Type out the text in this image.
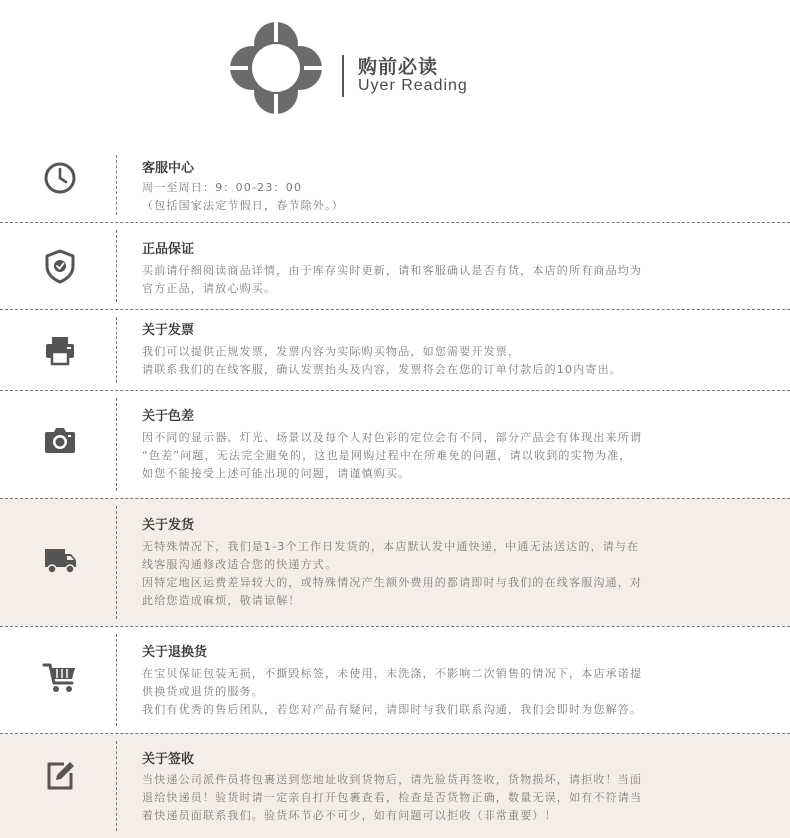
购前必读
Uyer Reading
客服中心
周一至周日：9：00-23：00
（包括国家法定节假日，春节除外。）
正品保证
买前请仔细阅读商品详情，由于库存实时更新，请和客服确认是否有货，本店的所有商品均为
官方正品，请放心购买。
关于发票
我们可以提供正规发票，发票内容为实际购买物品，如您需要开发票，
请联系我们的在线客服，确认发票抬头及内容，发票将会在您的订单付款后的10内寄出。
关于色差
因不同的显示器、灯光、场景以及每个人对色彩的定位会有不同，部分产品会有体现出来所谓
“色差”问题，无法完全避免的，这也是网购过程中在所难免的问题，请以收到的实物为准，
如您不能接受上述可能出现的问题，请谨慎购买。
关于发货
无特殊情况下，我们是1-3个工作日发货的，本店默认发中通快递，中通无法送达的，请与在
线客服沟通修改适合您的快递方式。
因特定地区运费差异较大的，或特殊情况产生额外费用的都请即时与我们的在线客服沟通，对
此给您造成麻烦，敬请谅解！
关于退换货
在宝贝保证包装无损，不撕毁标签，未使用，未洗涤，不影响二次销售的情况下，本店承诺提
供换货或退货的服务。
我们有优秀的售后团队，若您对产品有疑问，请即时与我们联系沟通，我们会即时为您解答。
关于签收
当快递公司派件员将包裹送到您地址收到货物后，请先验货再签收，货物损坏，请拒收！当面
退给快递员！验货时请一定亲自打开包裹查看，检查是否货物正确，数量无误，如有不符请当
着快递员面联系我们。验货环节必不可少，如有问题可以拒收（非常重要）！
